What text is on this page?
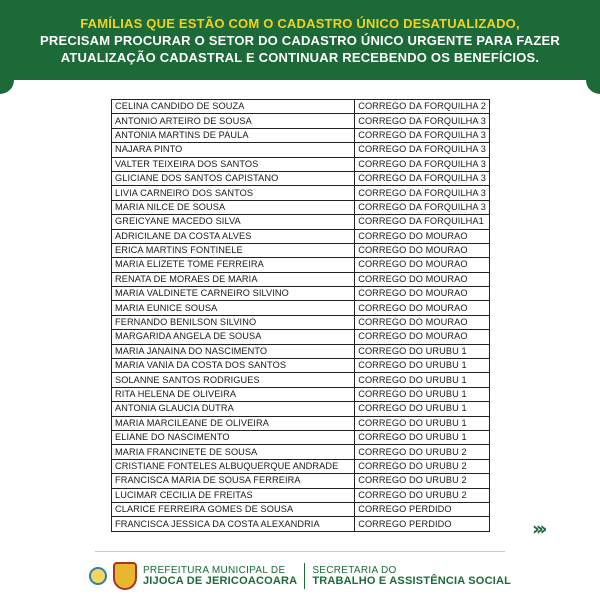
FAMÍLIAS QUE ESTÃO COM O CADASTRO ÚNICO DESATUALIZADO,
PRECISAM PROCURAR O SETOR DO CADASTRO ÚNICO URGENTE PARA FAZER
ATUALIZAÇÃO CADASTRAL E CONTINUAR RECEBENDO OS BENEFÍCIOS.
CELINA CANDIDO DE SOUZA	CORREGO DA FORQUILHA 2
ANTONIO ARTEIRO DE SOUSA	CORREGO DA FORQUILHA 3
ANTONIA MARTINS DE PAULA	CORREGO DA FORQUILHA 3
NAJARA PINTO	CORREGO DA FORQUILHA 3
VALTER TEIXEIRA DOS SANTOS	CORREGO DA FORQUILHA 3
GLICIANE DOS SANTOS CAPISTANO	CORREGO DA FORQUILHA 3
LIVIA CARNEIRO DOS SANTOS	CORREGO DA FORQUILHA 3
MARIA NILCE DE SOUSA	CORREGO DA FORQUILHA 3
GREICYANE MACEDO SILVA	CORREGO DA FORQUILHA1
ADRICILANE DA COSTA ALVES	CORREGO DO MOURAO
ERICA MARTINS FONTINELE	CORREGO DO MOURAO
MARIA ELIZETE TOME FERREIRA	CORREGO DO MOURAO
RENATA DE MORAES DE MARIA	CORREGO DO MOURAO
MARIA VALDINETE CARNEIRO SILVINO	CORREGO DO MOURAO
MARIA EUNICE SOUSA	CORREGO DO MOURAO
FERNANDO BENILSON SILVINO	CORREGO DO MOURAO
MARGARIDA ANGELA DE SOUSA	CORREGO DO MOURAO
MARIA JANAINA DO NASCIMENTO	CORREGO DO URUBU 1
MARIA VANIA DA COSTA DOS SANTOS	CORREGO DO URUBU 1
SOLANNE SANTOS RODRIGUES	CORREGO DO URUBU 1
RITA HELENA DE OLIVEIRA	CORREGO DO URUBU 1
ANTONIA GLAUCIA DUTRA	CORREGO DO URUBU 1
MARIA MARCILEANE DE OLIVEIRA	CORREGO DO URUBU 1
ELIANE DO NASCIMENTO	CORREGO DO URUBU 1
MARIA FRANCINETE DE SOUSA	CORREGO DO URUBU 2
CRISTIANE FONTELES ALBUQUERQUE ANDRADE	CORREGO DO URUBU 2
FRANCISCA MARIA DE SOUSA FERREIRA	CORREGO DO URUBU 2
LUCIMAR CECILIA DE FREITAS	CORREGO DO URUBU 2
CLARICE FERREIRA GOMES DE SOUSA	CORREGO PERDIDO
FRANCISCA JESSICA DA COSTA ALEXANDRIA	CORREGO PERDIDO	›››
PREFEITURA MUNICIPAL DE
JIJOCA DE JERICOACOARA
SECRETARIA DO
TRABALHO E ASSISTÊNCIA SOCIAL
